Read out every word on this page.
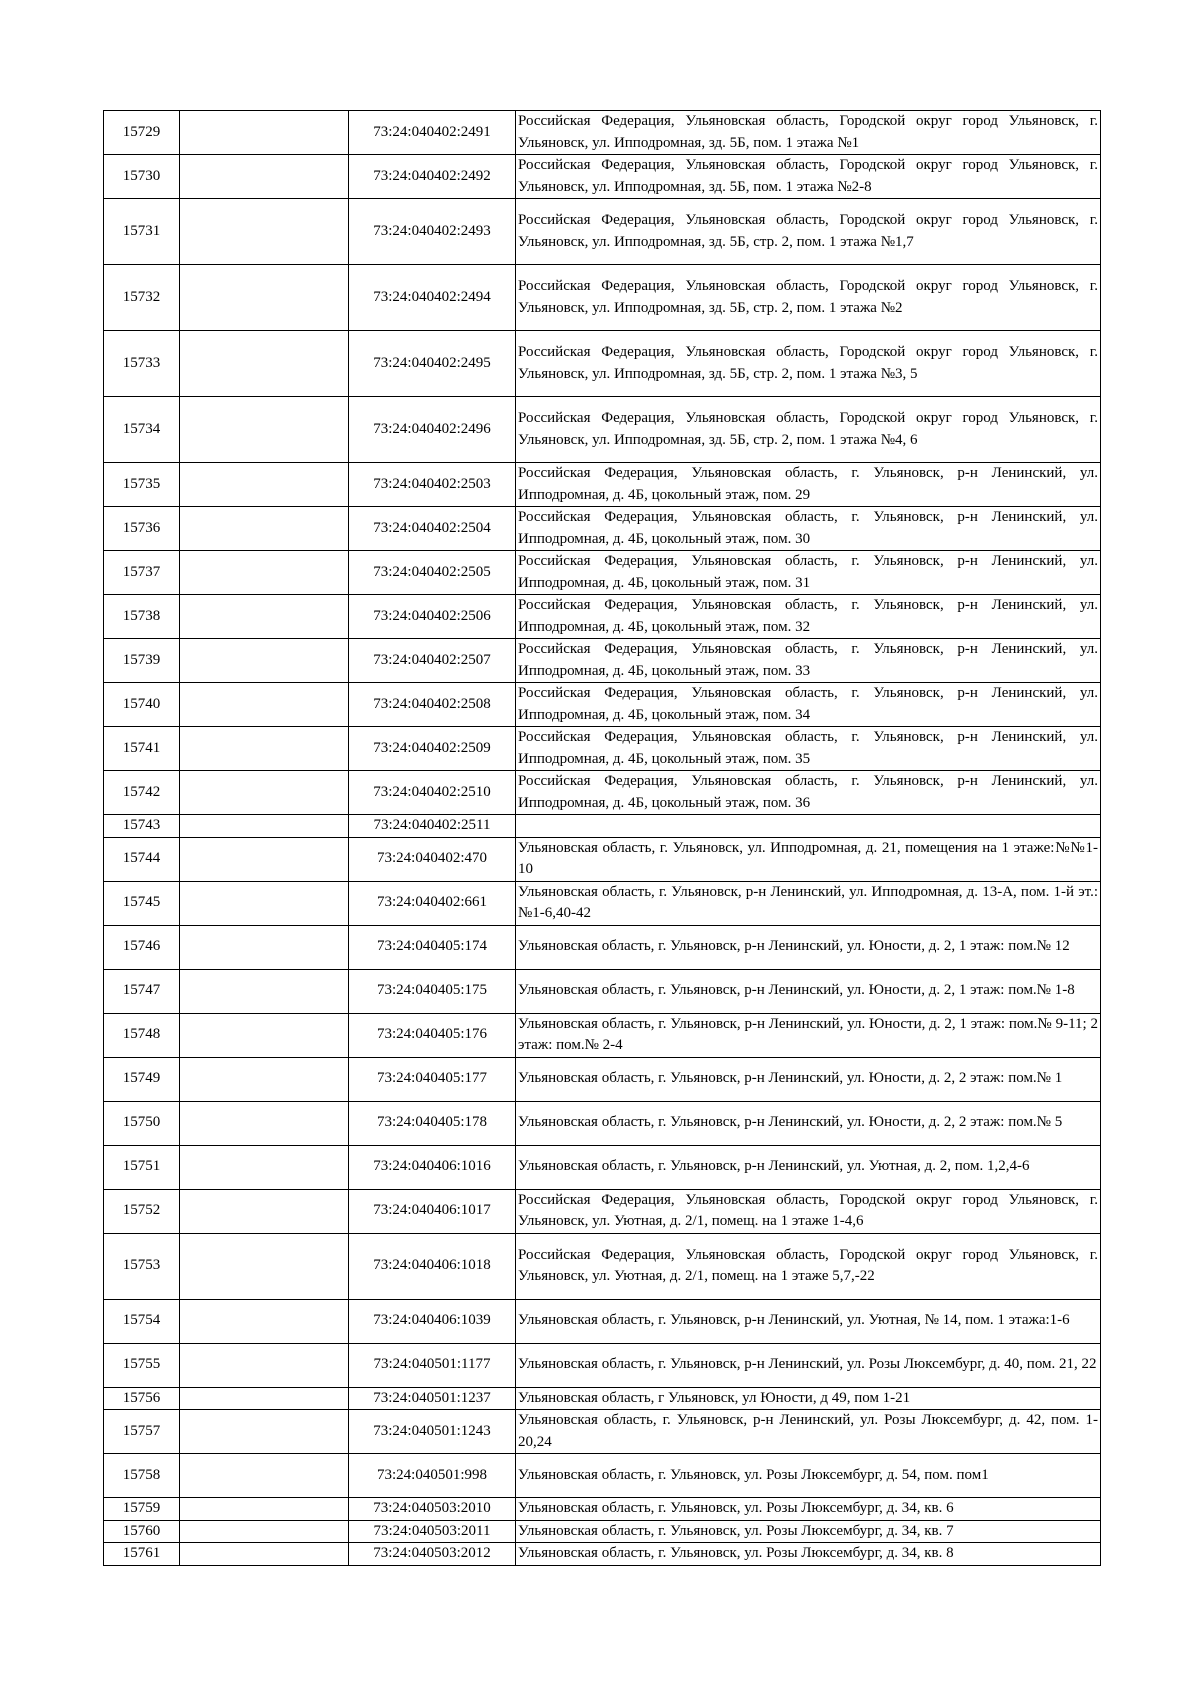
15729		73:24:040402:2491	Российская Федерация, Ульяновская область, Городской округ город Ульяновск, г. Ульяновск, ул. Ипподромная, зд. 5Б, пом. 1 этажа №1
15730		73:24:040402:2492	Российская Федерация, Ульяновская область, Городской округ город Ульяновск, г. Ульяновск, ул. Ипподромная, зд. 5Б, пом. 1 этажа №2-8
15731		73:24:040402:2493	Российская Федерация, Ульяновская область, Городской округ город Ульяновск, г. Ульяновск, ул. Ипподромная, зд. 5Б, стр. 2, пом. 1 этажа №1,7
15732		73:24:040402:2494	Российская Федерация, Ульяновская область, Городской округ город Ульяновск, г. Ульяновск, ул. Ипподромная, зд. 5Б, стр. 2, пом. 1 этажа №2
15733		73:24:040402:2495	Российская Федерация, Ульяновская область, Городской округ город Ульяновск, г. Ульяновск, ул. Ипподромная, зд. 5Б, стр. 2, пом. 1 этажа №3, 5
15734		73:24:040402:2496	Российская Федерация, Ульяновская область, Городской округ город Ульяновск, г. Ульяновск, ул. Ипподромная, зд. 5Б, стр. 2, пом. 1 этажа №4, 6
15735		73:24:040402:2503	Российская Федерация, Ульяновская область, г. Ульяновск, р-н Ленинский, ул. Ипподромная, д. 4Б, цокольный этаж, пом. 29
15736		73:24:040402:2504	Российская Федерация, Ульяновская область, г. Ульяновск, р-н Ленинский, ул. Ипподромная, д. 4Б, цокольный этаж, пом. 30
15737		73:24:040402:2505	Российская Федерация, Ульяновская область, г. Ульяновск, р-н Ленинский, ул. Ипподромная, д. 4Б, цокольный этаж, пом. 31
15738		73:24:040402:2506	Российская Федерация, Ульяновская область, г. Ульяновск, р-н Ленинский, ул. Ипподромная, д. 4Б, цокольный этаж, пом. 32
15739		73:24:040402:2507	Российская Федерация, Ульяновская область, г. Ульяновск, р-н Ленинский, ул. Ипподромная, д. 4Б, цокольный этаж, пом. 33
15740		73:24:040402:2508	Российская Федерация, Ульяновская область, г. Ульяновск, р-н Ленинский, ул. Ипподромная, д. 4Б, цокольный этаж, пом. 34
15741		73:24:040402:2509	Российская Федерация, Ульяновская область, г. Ульяновск, р-н Ленинский, ул. Ипподромная, д. 4Б, цокольный этаж, пом. 35
15742		73:24:040402:2510	Российская Федерация, Ульяновская область, г. Ульяновск, р-н Ленинский, ул. Ипподромная, д. 4Б, цокольный этаж, пом. 36
15743		73:24:040402:2511	
15744		73:24:040402:470	Ульяновская область, г. Ульяновск, ул. Ипподромная, д. 21, помещения на 1 этаже:№№1-10
15745		73:24:040402:661	Ульяновская область, г. Ульяновск, р-н Ленинский, ул. Ипподромная, д. 13-А, пом. 1-й эт.: №1-6,40-42
15746		73:24:040405:174	Ульяновская область, г. Ульяновск, р-н Ленинский, ул. Юности, д. 2, 1 этаж: пом.№ 12
15747		73:24:040405:175	Ульяновская область, г. Ульяновск, р-н Ленинский, ул. Юности, д. 2, 1 этаж: пом.№ 1-8
15748		73:24:040405:176	Ульяновская область, г. Ульяновск, р-н Ленинский, ул. Юности, д. 2, 1 этаж: пом.№ 9-11; 2 этаж: пом.№ 2-4
15749		73:24:040405:177	Ульяновская область, г. Ульяновск, р-н Ленинский, ул. Юности, д. 2, 2 этаж: пом.№ 1
15750		73:24:040405:178	Ульяновская область, г. Ульяновск, р-н Ленинский, ул. Юности, д. 2, 2 этаж: пом.№ 5
15751		73:24:040406:1016	Ульяновская область, г. Ульяновск, р-н Ленинский, ул. Уютная, д. 2, пом. 1,2,4-6
15752		73:24:040406:1017	Российская Федерация, Ульяновская область, Городской округ город Ульяновск, г. Ульяновск, ул. Уютная, д. 2/1, помещ. на 1 этаже 1-4,6
15753		73:24:040406:1018	Российская Федерация, Ульяновская область, Городской округ город Ульяновск, г. Ульяновск, ул. Уютная, д. 2/1, помещ. на 1 этаже 5,7,-22
15754		73:24:040406:1039	Ульяновская область, г. Ульяновск, р-н Ленинский, ул. Уютная, № 14, пом. 1 этажа:1-6
15755		73:24:040501:1177	Ульяновская область, г. Ульяновск, р-н Ленинский, ул. Розы Люксембург, д. 40, пом. 21, 22
15756		73:24:040501:1237	Ульяновская область, г Ульяновск, ул Юности, д 49, пом 1-21
15757		73:24:040501:1243	Ульяновская область, г. Ульяновск, р-н Ленинский, ул. Розы Люксембург, д. 42, пом. 1-20,24
15758		73:24:040501:998	Ульяновская область, г. Ульяновск, ул. Розы Люксембург, д. 54, пом. пом1
15759		73:24:040503:2010	Ульяновская область, г. Ульяновск, ул. Розы Люксембург, д. 34, кв. 6
15760		73:24:040503:2011	Ульяновская область, г. Ульяновск, ул. Розы Люксембург, д. 34, кв. 7
15761		73:24:040503:2012	Ульяновская область, г. Ульяновск, ул. Розы Люксембург, д. 34, кв. 8
